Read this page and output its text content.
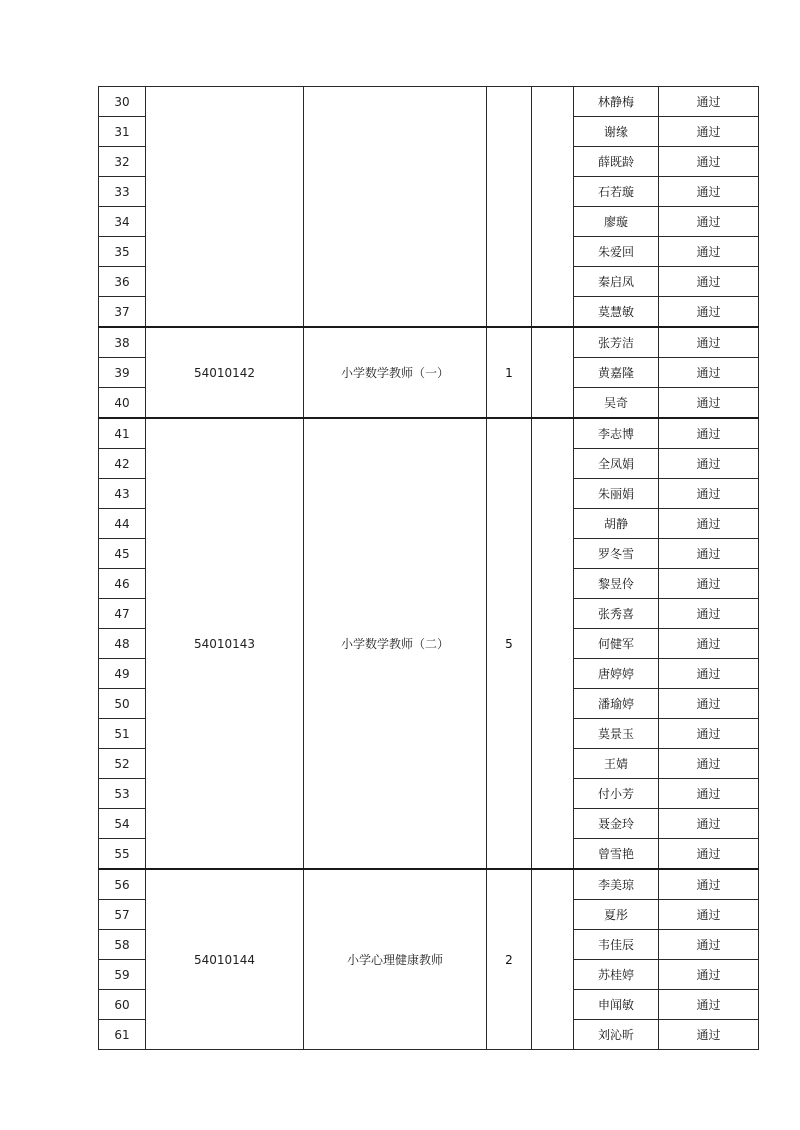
30					林静梅	通过
31					谢缘	通过
32					薛既龄	通过
33					石若璇	通过
34					廖璇	通过
35					朱爱回	通过
36					秦启凤	通过
37					莫慧敏	通过
38	54010142	小学数学教师（一）	1		张芳洁	通过
39					黄嘉隆	通过
40					吴奇	通过
41	54010143	小学数学教师（二）	5		李志博	通过
42					全凤娟	通过
43					朱丽娟	通过
44					胡静	通过
45					罗冬雪	通过
46					黎昱伶	通过
47					张秀喜	通过
48					何健军	通过
49					唐婷婷	通过
50					潘瑜婷	通过
51					莫景玉	通过
52					王婧	通过
53					付小芳	通过
54					聂金玲	通过
55					曾雪艳	通过
56	54010144	小学心理健康教师	2		李美琼	通过
57					夏彤	通过
58					韦佳辰	通过
59					苏桂婷	通过
60					申闻敏	通过
61					刘沁昕	通过
